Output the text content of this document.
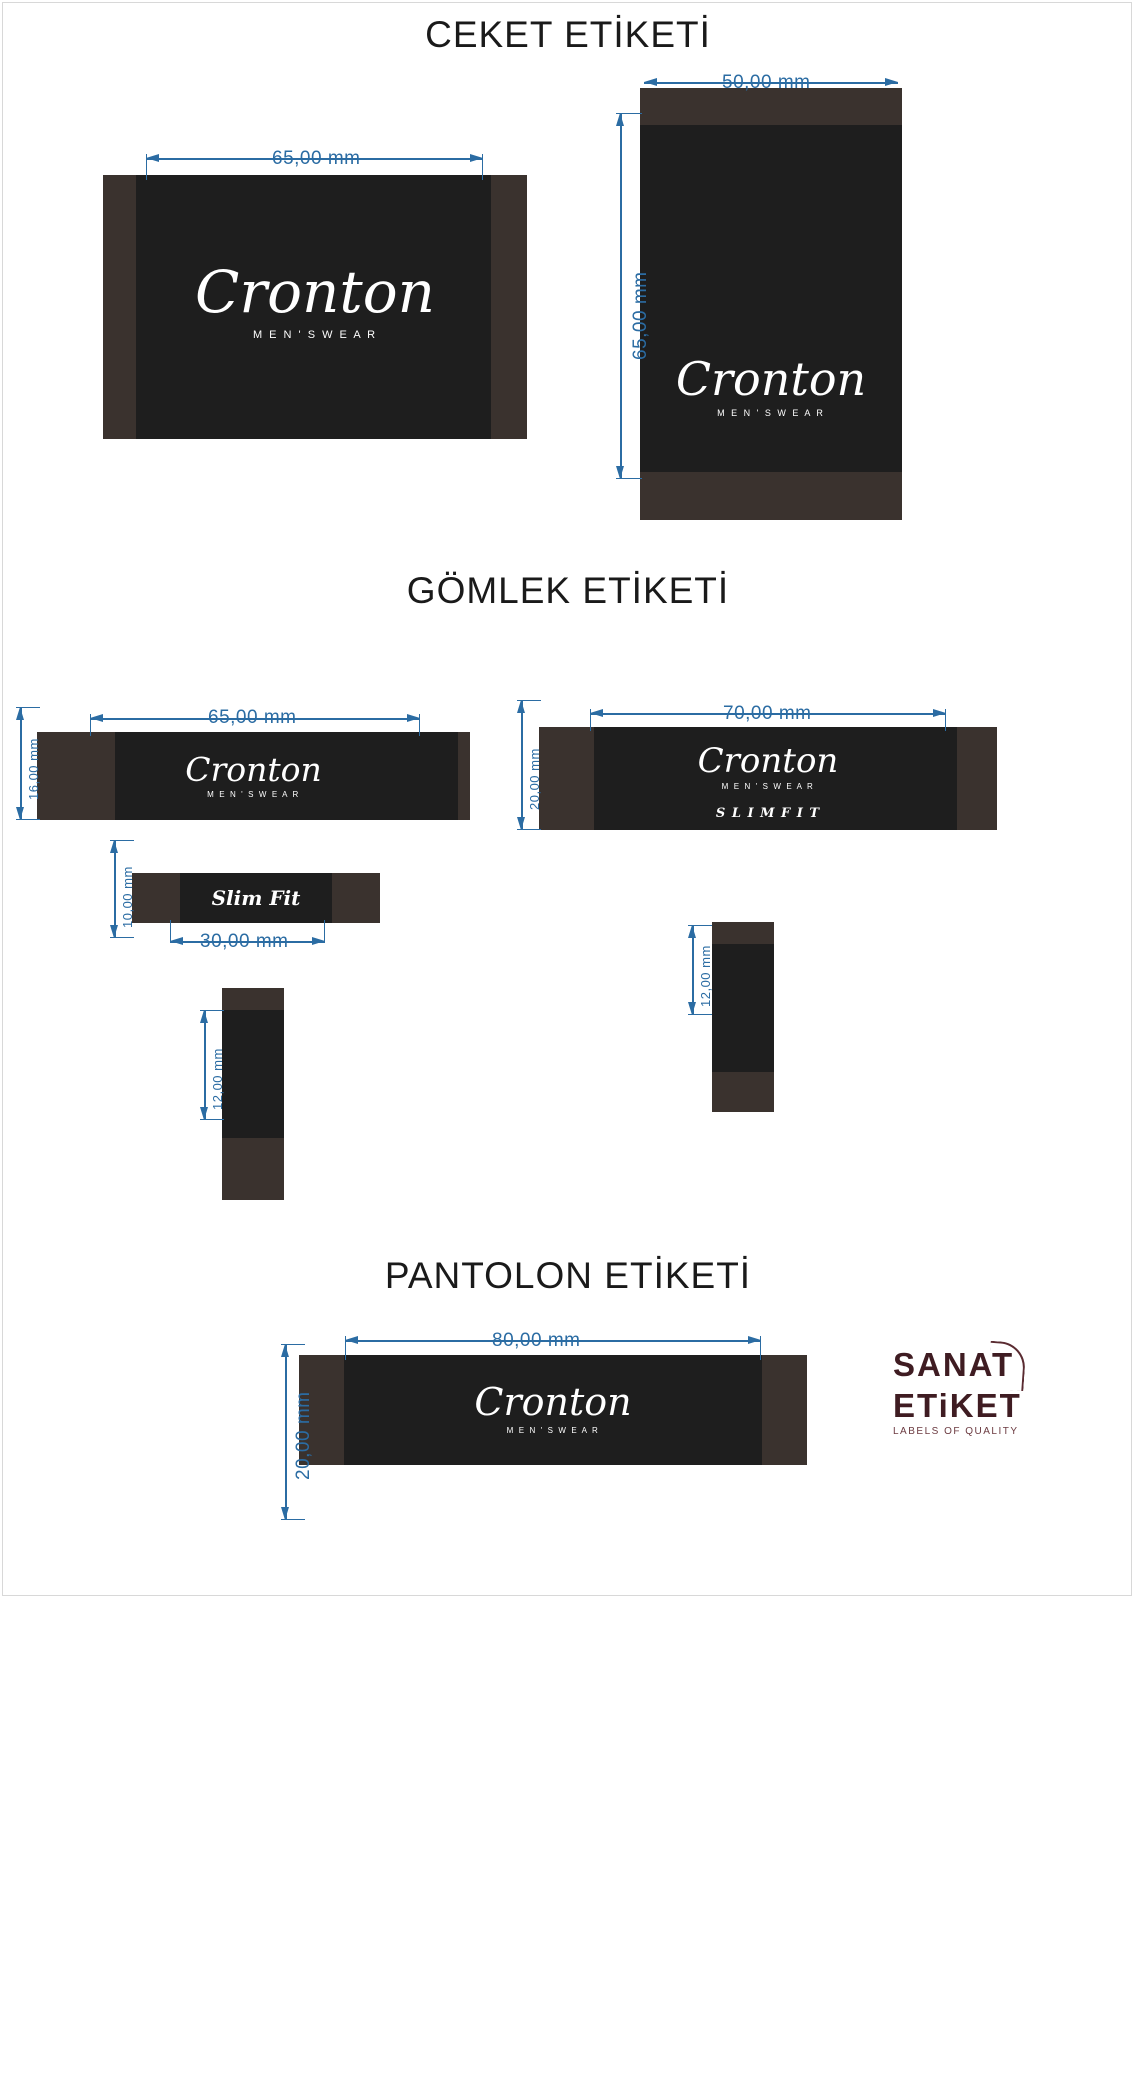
CEKET ETİKETİ
Cronton
M E N ' S W E A R
65,00 mm
Cronton
M E N ' S W E A R
50,00 mm
65,00 mm
GÖMLEK ETİKETİ
Cronton
M E N ' S W E A R
65,00 mm
16,00 mm
Slim Fit
30,00 mm
10,00 mm
37/38
S
12,00 mm
Cronton
M E N ' S W E A R
S L I M F I T
70,00 mm
20,00 mm
37/38
S
12,00 mm
PANTOLON ETİKETİ
Cronton
M E N ' S W E A R
80,00 mm
20,00 mm
SANAT
ETiKET
LABELS OF QUALITY
